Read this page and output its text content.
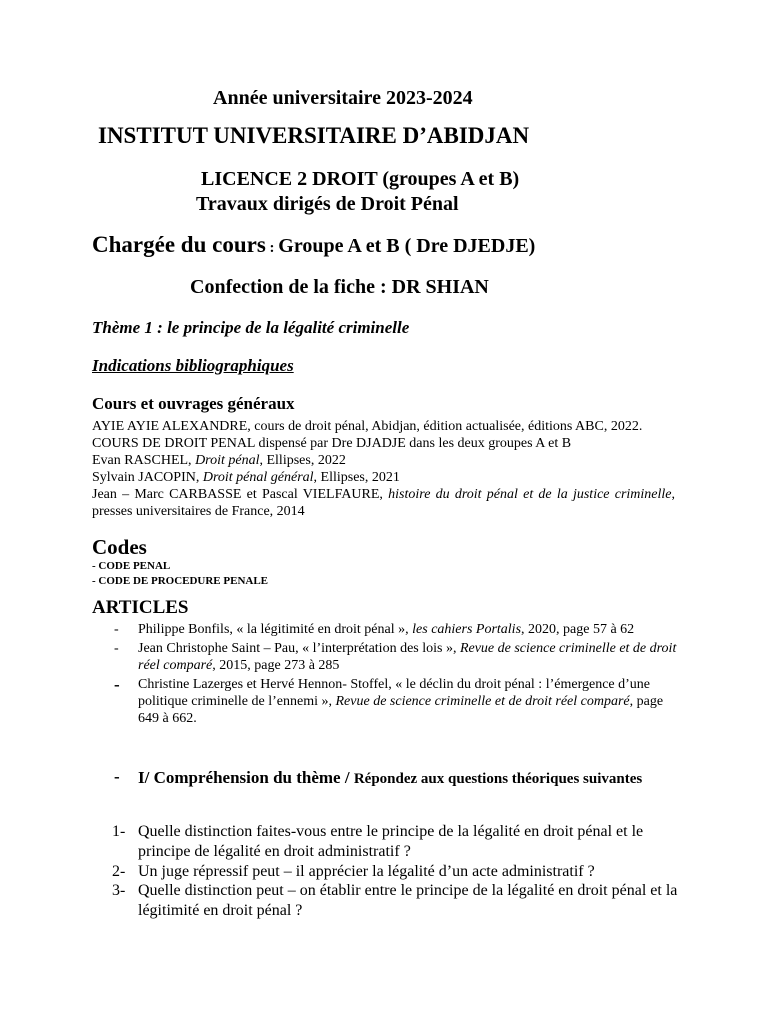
Année universitaire 2023-2024
INSTITUT UNIVERSITAIRE D’ABIDJAN
LICENCE 2 DROIT (groupes A et B)
Travaux dirigés de Droit Pénal
Chargée du cours : Groupe A et B ( Dre DJEDJE)
Confection de la fiche : DR SHIAN
Thème 1 : le principe de la légalité criminelle
Indications bibliographiques
Cours et ouvrages généraux
AYIE AYIE ALEXANDRE, cours de droit pénal, Abidjan, édition actualisée, éditions ABC, 2022.
COURS DE DROIT PENAL dispensé par Dre DJADJE dans les deux groupes A et B
Evan RASCHEL, Droit pénal, Ellipses, 2022
Sylvain JACOPIN, Droit pénal général, Ellipses, 2021
Jean – Marc CARBASSE et Pascal VIELFAURE, histoire du droit pénal et de la justice criminelle, presses universitaires de France, 2014
Codes
- CODE PENAL
- CODE DE PROCEDURE PENALE
ARTICLES
- Philippe Bonfils, « la légitimité en droit pénal », les cahiers Portalis, 2020, page 57 à 62
- Jean Christophe Saint – Pau, « l’interprétation des lois », Revue de science criminelle et de droit réel comparé, 2015, page 273 à 285
- Christine Lazerges et Hervé Hennon- Stoffel, « le déclin du droit pénal : l’émergence d’une politique criminelle de l’ennemi », Revue de science criminelle et de droit réel comparé, page 649 à 662.
- I/ Compréhension du thème / Répondez aux questions théoriques suivantes
1- Quelle distinction faites-vous entre le principe de la légalité en droit pénal et le principe de légalité en droit administratif ?
2- Un juge répressif peut – il apprécier la légalité d’un acte administratif ?
3- Quelle distinction peut – on établir entre le principe de la légalité en droit pénal et la légitimité en droit pénal ?
